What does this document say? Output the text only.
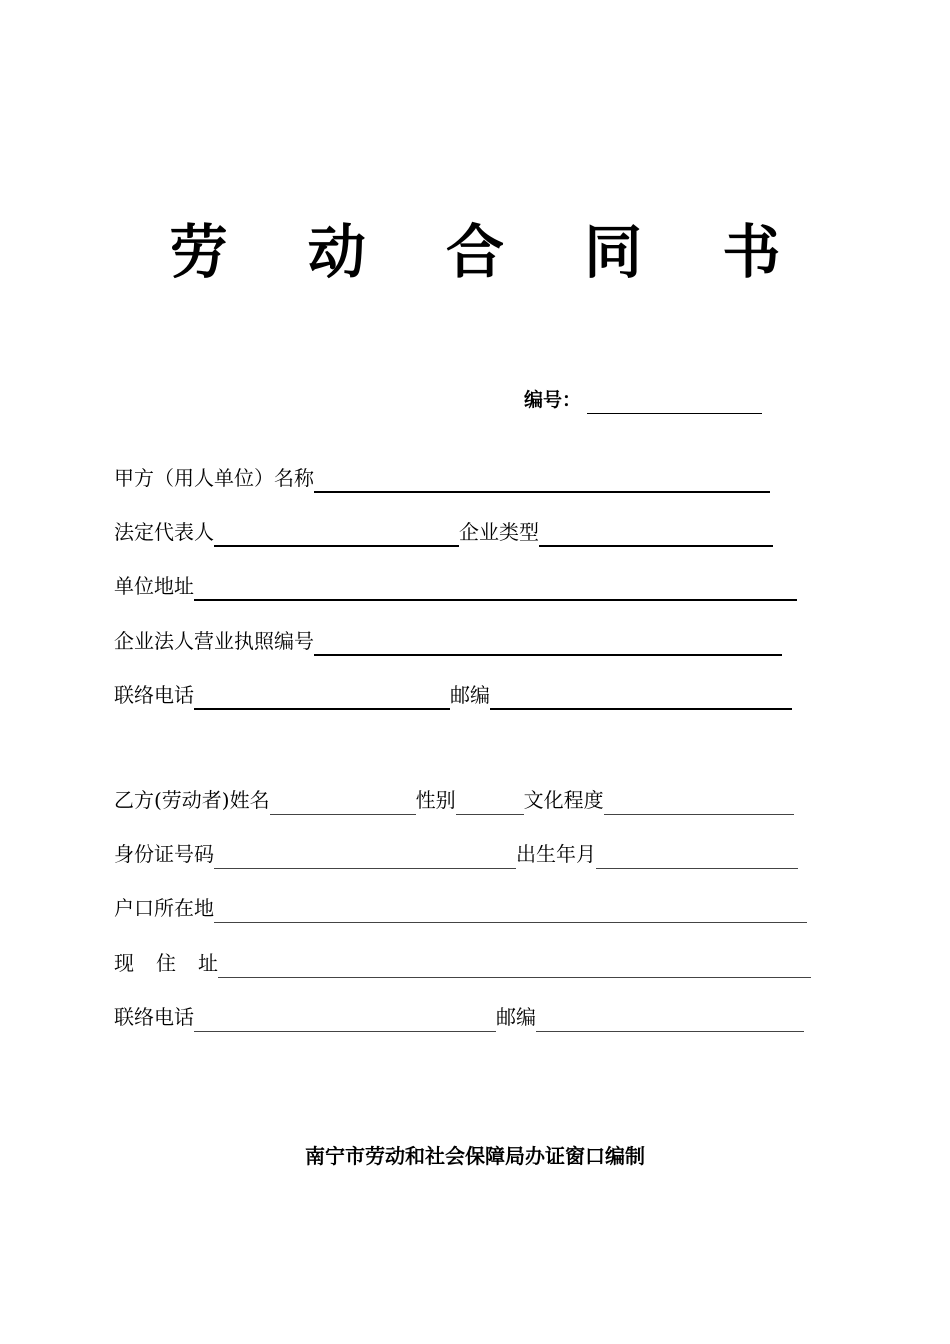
劳 动 合 同 书
编号：
甲方（用人单位）名称
法定代表人	企业类型
单位地址
企业法人营业执照编号
联络电话	邮编
乙方(劳动者)姓名	性别	文化程度
身份证号码	出生年月
户口所在地
现 住 址
联络电话	邮编
南宁市劳动和社会保障局办证窗口编制
